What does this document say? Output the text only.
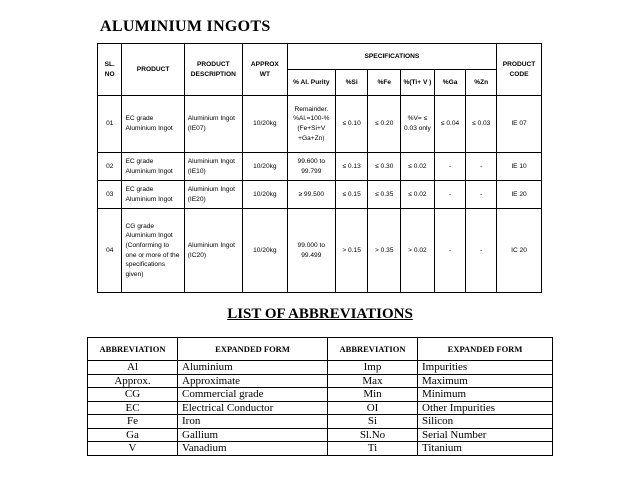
ALUMINIUM INGOTS
SL. NO	PRODUCT	PRODUCT DESCRIPTION	APPROX WT	SPECIFICATIONS						PRODUCT CODE
				% Al. Purity	%Si	%Fe	%(Ti+ V )	%Ga	%Zn	
01	EC grade Aluminium Ingot	Aluminium Ingot (IE07)	10/20kg	Remainder. %Al.=100-%(Fe+Si+V +Ga+Zn)	≤ 0.10	≤ 0.20	%V= ≤ 0.03 only	≤ 0.04	≤ 0.03	IE 07
02	EC grade Aluminium Ingot	Aluminium Ingot (IE10)	10/20kg	99.600 to 99.799	≤ 0.13	≤ 0.30	≤ 0.02	-	-	IE 10
03	EC grade Aluminium Ingot	Aluminium Ingot (IE20)	10/20kg	≥ 99.500	≤ 0.15	≤ 0.35	≤ 0.02	-	-	IE 20
04	CG grade Aluminium Ingot (Conforming to one or more of the specifications given)	Aluminium Ingot (IC20)	10/20kg	99.000 to 99.499	> 0.15	> 0.35	> 0.02	-	-	IC 20
LIST OF ABBREVIATIONS
ABBREVIATION	EXPANDED FORM	ABBREVIATION	EXPANDED FORM
Al	Aluminium	Imp	Impurities
Approx.	Approximate	Max	Maximum
CG	Commercial grade	Min	Minimum
EC	Electrical Conductor	OI	Other Impurities
Fe	Iron	Si	Silicon
Ga	Gallium	Sl.No	Serial Number
V	Vanadium	Ti	Titanium
